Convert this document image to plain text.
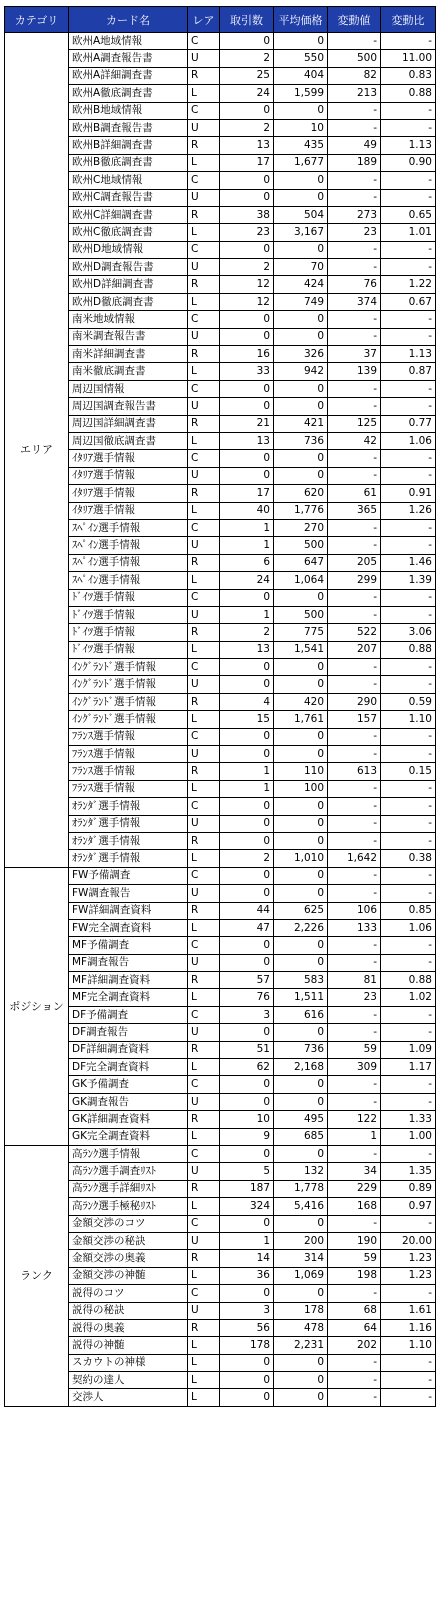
カテゴリ	カード名	レア	取引数	平均価格	変動値	変動比
エリア	欧州A地域情報	C	0	0	-	-
	欧州A調査報告書	U	2	550	500	11.00
	欧州A詳細調査書	R	25	404	82	0.83
	欧州A徹底調査書	L	24	1,599	213	0.88
	欧州B地域情報	C	0	0	-	-
	欧州B調査報告書	U	2	10	-	-
	欧州B詳細調査書	R	13	435	49	1.13
	欧州B徹底調査書	L	17	1,677	189	0.90
	欧州C地域情報	C	0	0	-	-
	欧州C調査報告書	U	0	0	-	-
	欧州C詳細調査書	R	38	504	273	0.65
	欧州C徹底調査書	L	23	3,167	23	1.01
	欧州D地域情報	C	0	0	-	-
	欧州D調査報告書	U	2	70	-	-
	欧州D詳細調査書	R	12	424	76	1.22
	欧州D徹底調査書	L	12	749	374	0.67
	南米地域情報	C	0	0	-	-
	南米調査報告書	U	0	0	-	-
	南米詳細調査書	R	16	326	37	1.13
	南米徹底調査書	L	33	942	139	0.87
	周辺国情報	C	0	0	-	-
	周辺国調査報告書	U	0	0	-	-
	周辺国詳細調査書	R	21	421	125	0.77
	周辺国徹底調査書	L	13	736	42	1.06
	ｲﾀﾘｱ選手情報	C	0	0	-	-
	ｲﾀﾘｱ選手情報	U	0	0	-	-
	ｲﾀﾘｱ選手情報	R	17	620	61	0.91
	ｲﾀﾘｱ選手情報	L	40	1,776	365	1.26
	ｽﾍﾟｲﾝ選手情報	C	1	270	-	-
	ｽﾍﾟｲﾝ選手情報	U	1	500	-	-
	ｽﾍﾟｲﾝ選手情報	R	6	647	205	1.46
	ｽﾍﾟｲﾝ選手情報	L	24	1,064	299	1.39
	ﾄﾞｲﾂ選手情報	C	0	0	-	-
	ﾄﾞｲﾂ選手情報	U	1	500	-	-
	ﾄﾞｲﾂ選手情報	R	2	775	522	3.06
	ﾄﾞｲﾂ選手情報	L	13	1,541	207	0.88
	ｲﾝｸﾞﾗﾝﾄﾞ選手情報	C	0	0	-	-
	ｲﾝｸﾞﾗﾝﾄﾞ選手情報	U	0	0	-	-
	ｲﾝｸﾞﾗﾝﾄﾞ選手情報	R	4	420	290	0.59
	ｲﾝｸﾞﾗﾝﾄﾞ選手情報	L	15	1,761	157	1.10
	ﾌﾗﾝｽ選手情報	C	0	0	-	-
	ﾌﾗﾝｽ選手情報	U	0	0	-	-
	ﾌﾗﾝｽ選手情報	R	1	110	613	0.15
	ﾌﾗﾝｽ選手情報	L	1	100	-	-
	ｵﾗﾝﾀﾞ選手情報	C	0	0	-	-
	ｵﾗﾝﾀﾞ選手情報	U	0	0	-	-
	ｵﾗﾝﾀﾞ選手情報	R	0	0	-	-
	ｵﾗﾝﾀﾞ選手情報	L	2	1,010	1,642	0.38
ポジション	FW予備調査	C	0	0	-	-
	FW調査報告	U	0	0	-	-
	FW詳細調査資料	R	44	625	106	0.85
	FW完全調査資料	L	47	2,226	133	1.06
	MF予備調査	C	0	0	-	-
	MF調査報告	U	0	0	-	-
	MF詳細調査資料	R	57	583	81	0.88
	MF完全調査資料	L	76	1,511	23	1.02
	DF予備調査	C	3	616	-	-
	DF調査報告	U	0	0	-	-
	DF詳細調査資料	R	51	736	59	1.09
	DF完全調査資料	L	62	2,168	309	1.17
	GK予備調査	C	0	0	-	-
	GK調査報告	U	0	0	-	-
	GK詳細調査資料	R	10	495	122	1.33
	GK完全調査資料	L	9	685	1	1.00
ランク	高ﾗﾝｸ選手情報	C	0	0	-	-
	高ﾗﾝｸ選手調査ﾘｽﾄ	U	5	132	34	1.35
	高ﾗﾝｸ選手詳細ﾘｽﾄ	R	187	1,778	229	0.89
	高ﾗﾝｸ選手極秘ﾘｽﾄ	L	324	5,416	168	0.97
	金額交渉のコツ	C	0	0	-	-
	金額交渉の秘訣	U	1	200	190	20.00
	金額交渉の奥義	R	14	314	59	1.23
	金額交渉の神髄	L	36	1,069	198	1.23
	説得のコツ	C	0	0	-	-
	説得の秘訣	U	3	178	68	1.61
	説得の奥義	R	56	478	64	1.16
	説得の神髄	L	178	2,231	202	1.10
	スカウトの神様	L	0	0	-	-
	契約の達人	L	0	0	-	-
	交渉人	L	0	0	-	-
